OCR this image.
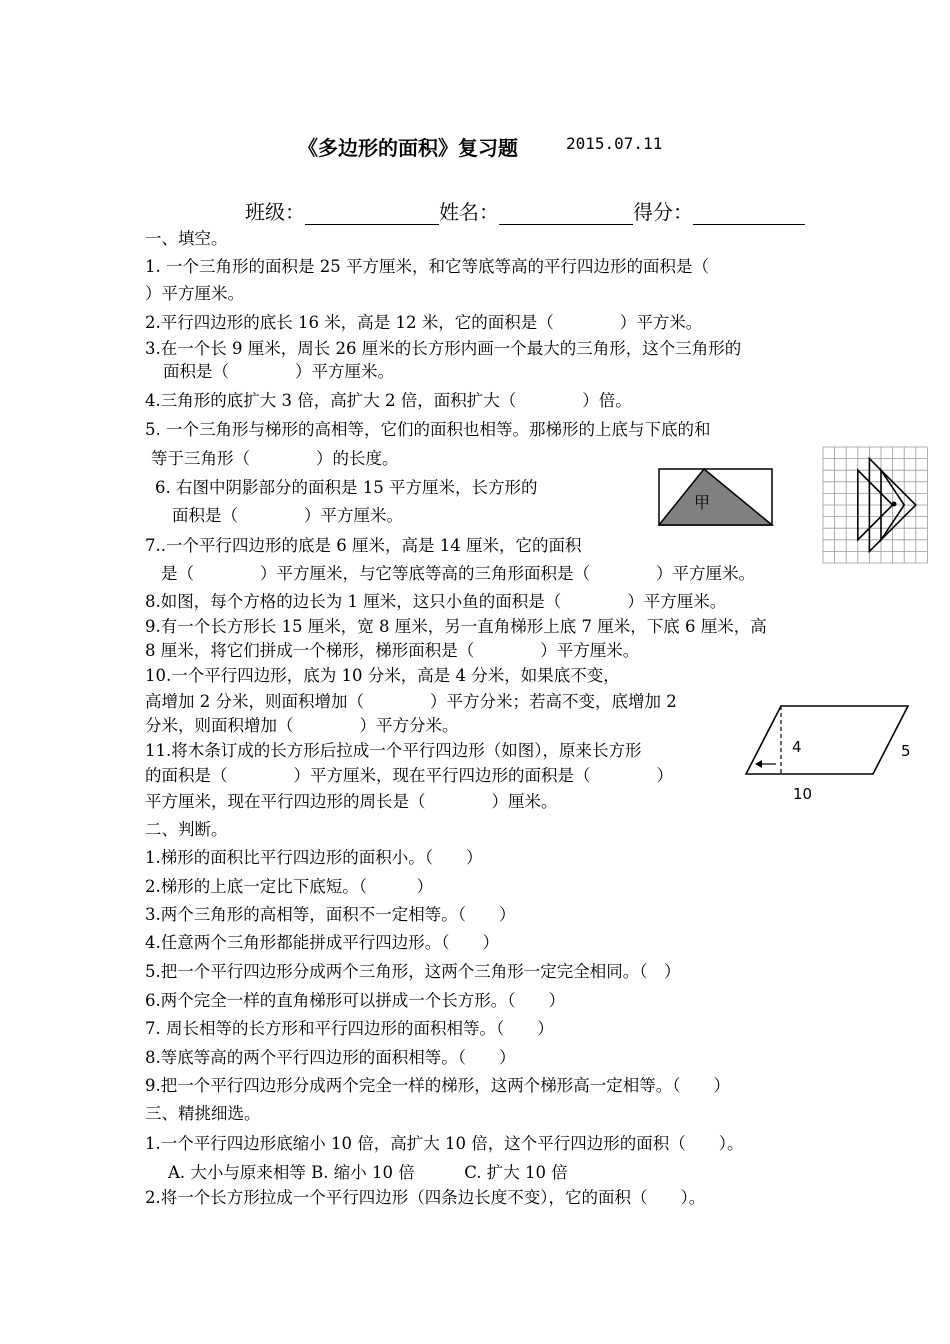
《多边形的面积》复习题	2015.07.11
班级：	姓名：	得分：
一、填空。
1. 一个三角形的面积是 25 平方厘米，和它等底等高的平行四边形的面积是（
）平方厘米。
2.平行四边形的底长 16 米，高是 12 米，它的面积是（　　　　）平方米。
3.在一个长 9 厘米，周长 26 厘米的长方形内画一个最大的三角形，这个三角形的
面积是（　　　　）平方厘米。
4.三角形的底扩大 3 倍，高扩大 2 倍，面积扩大（　　　　）倍。
5. 一个三角形与梯形的高相等，它们的面积也相等。那梯形的上底与下底的和
等于三角形（　　　　）的长度。
6. 右图中阴影部分的面积是 15 平方厘米，长方形的
面积是（　　　　）平方厘米。
7..一个平行四边形的底是 6 厘米，高是 14 厘米，它的面积
是（　　　　）平方厘米，与它等底等高的三角形面积是（　　　　）平方厘米。
8.如图，每个方格的边长为 1 厘米，这只小鱼的面积是（　　　　）平方厘米。
9.有一个长方形长 15 厘米，宽 8 厘米，另一直角梯形上底 7 厘米，下底 6 厘米，高
8 厘米，将它们拼成一个梯形，梯形面积是（　　　　）平方厘米。
10.一个平行四边形，底为 10 分米，高是 4 分米，如果底不变，
高增加 2 分米，则面积增加（　　　　）平方分米；若高不变，底增加 2
分米，则面积增加（　　　　）平方分米。
11.将木条订成的长方形后拉成一个平行四边形（如图），原来长方形
的面积是（　　　　）平方厘米，现在平行四边形的面积是（　　　　）
平方厘米，现在平行四边形的周长是（　　　　）厘米。
二、判断。
1.梯形的面积比平行四边形的面积小。（　　）
2.梯形的上底一定比下底短。（　　　）
3.两个三角形的高相等，面积不一定相等。（　　）
4.任意两个三角形都能拼成平行四边形。（　　）
5.把一个平行四边形分成两个三角形，这两个三角形一定完全相同。（　）
6.两个完全一样的直角梯形可以拼成一个长方形。（　　）
7. 周长相等的长方形和平行四边形的面积相等。（　　）
8.等底等高的两个平行四边形的面积相等。（　　）
9.把一个平行四边形分成两个完全一样的梯形，这两个梯形高一定相等。（　　）
三、精挑细选。
1.一个平行四边形底缩小 10 倍，高扩大 10 倍，这个平行四边形的面积（　　）。
A. 大小与原来相等 B. 缩小 10 倍　　　C. 扩大 10 倍
2.将一个长方形拉成一个平行四边形（四条边长度不变），它的面积（　　）。
甲
4	5
10
